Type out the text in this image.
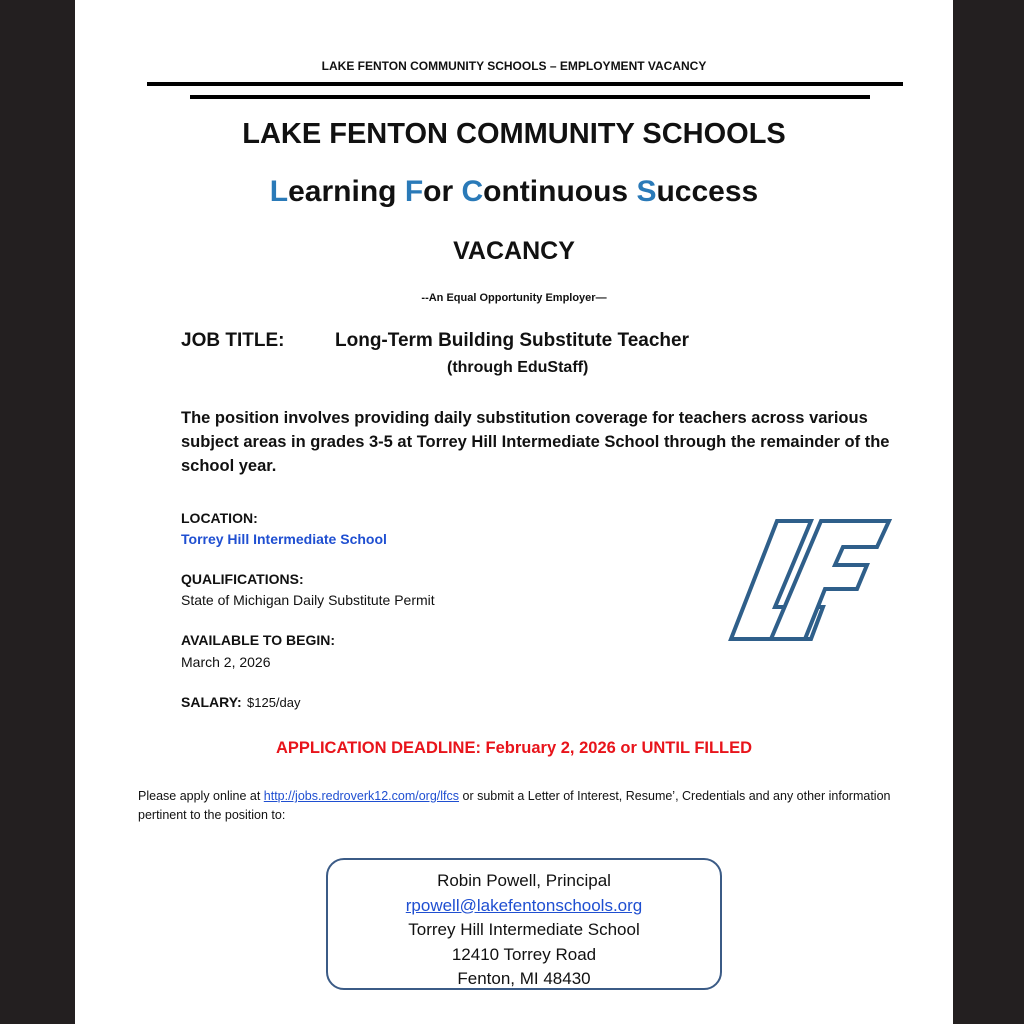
LAKE FENTON COMMUNITY SCHOOLS – EMPLOYMENT VACANCY
LAKE FENTON COMMUNITY SCHOOLS
Learning For Continuous Success
VACANCY
--An Equal Opportunity Employer—
JOB TITLE:	Long-Term Building Substitute Teacher
(through EduStaff)
The position involves providing daily substitution coverage for teachers across various subject areas in grades 3-5 at Torrey Hill Intermediate School through the remainder of the school year.
LOCATION:
Torrey Hill Intermediate School
QUALIFICATIONS:
State of Michigan Daily Substitute Permit
AVAILABLE TO BEGIN:
March 2, 2026
SALARY: $125/day
APPLICATION DEADLINE: February 2, 2026 or UNTIL FILLED
Please apply online at http://jobs.redroverk12.com/org/lfcs or submit a Letter of Interest, Resume’, Credentials and any other information pertinent to the position to:
Robin Powell, Principal
rpowell@lakefentonschools.org
Torrey Hill Intermediate School
12410 Torrey Road
Fenton, MI 48430
